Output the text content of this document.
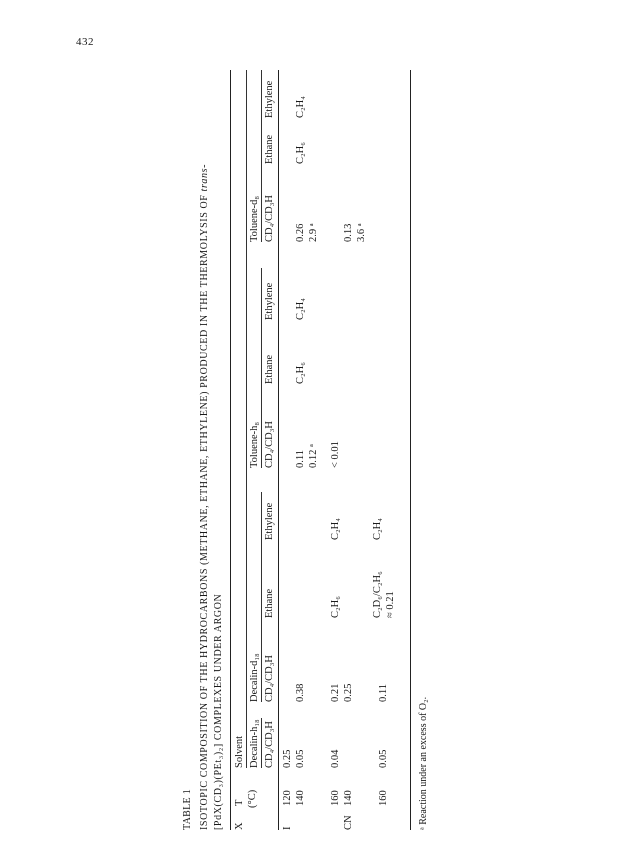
432
TABLE 1 ISOTOPIC COMPOSITION OF THE HYDROCARBONS (METHANE, ETHANE, ETHYLENE) PRODUCED IN THE THERMOLYSIS OF trans-
[PdX(CD₃)(PEt₃)₂] COMPLEXES UNDER ARGON X
T (°C)
Solvent Decalin-h₁₈
Decalin-d₁₈
Toluene-h₈
Toluene-d₈
CD₄/CD₃H
CD₄/CD₃H
Ethane
Ethylene
CD₄/CD₃H
Ethane
Ethylene
CD₄/CD₃H
Ethane
Ethylene
I
120
0.25
140
0.05
0.38
0.11
C₂H₆
C₂H₄
0.26
C₂H₆
C₂H₄
0.12 ᵃ
2.9 ᵃ
160
0.04
0.21
C₂H₆
C₂H₄
< 0.01
CN
140
0.25
0.13 3.6 ᵃ
160
0.05
0.11
C₂D₆/C₂H₆
C₂H₄
≈ 0.21
ᵃ Reaction under an excess of O₂.
